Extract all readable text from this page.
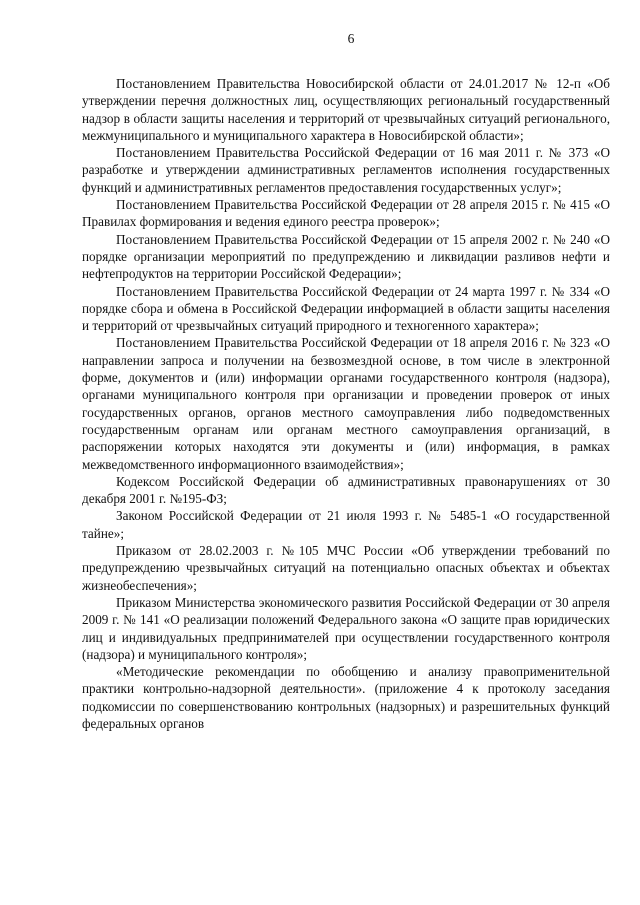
6

Постановлением Правительства Новосибирской области от 24.01.2017 № 12-п «Об утверждении перечня должностных лиц, осуществляющих региональный государственный надзор в области защиты населения и территорий от чрезвычайных ситуаций регионального, межмуниципального и муниципального характера в Новосибирской области»;

Постановлением Правительства Российской Федерации от 16 мая 2011 г. № 373 «О разработке и утверждении административных регламентов исполнения государственных функций и административных регламентов предоставления государственных услуг»;

Постановлением Правительства Российской Федерации от 28 апреля 2015 г. № 415 «О Правилах формирования и ведения единого реестра проверок»;

Постановлением Правительства Российской Федерации от 15 апреля 2002 г. № 240 «О порядке организации мероприятий по предупреждению и ликвидации разливов нефти и нефтепродуктов на территории Российской Федерации»;

Постановлением Правительства Российской Федерации от 24 марта 1997 г. № 334 «О порядке сбора и обмена в Российской Федерации информацией в области защиты населения и территорий от чрезвычайных ситуаций природного и техногенного характера»;

Постановлением Правительства Российской Федерации от 18 апреля 2016 г. № 323 «О направлении запроса и получении на безвозмездной основе, в том числе в электронной форме, документов и (или) информации органами государственного контроля (надзора), органами муниципального контроля при организации и проведении проверок от иных государственных органов, органов местного самоуправления либо подведомственных государственным органам или органам местного самоуправления организаций, в распоряжении которых находятся эти документы и (или) информация, в рамках межведомственного информационного взаимодействия»;

Кодексом Российской Федерации об административных правонарушениях от 30 декабря 2001 г. №195-ФЗ;

Законом Российской Федерации от 21 июля 1993 г. № 5485-1 «О государственной тайне»;

Приказом от 28.02.2003 г. №105 МЧС России «Об утверждении требований по предупреждению чрезвычайных ситуаций на потенциально опасных объектах и объектах жизнеобеспечения»;

Приказом Министерства экономического развития Российской Федерации от 30 апреля 2009 г. № 141 «О реализации положений Федерального закона «О защите прав юридических лиц и индивидуальных предпринимателей при осуществлении государственного контроля (надзора) и муниципального контроля»;

«Методические рекомендации по обобщению и анализу правоприменительной практики контрольно-надзорной деятельности». (приложение 4 к протоколу заседания подкомиссии по совершенствованию контрольных (надзорных) и разрешительных функций федеральных органов
